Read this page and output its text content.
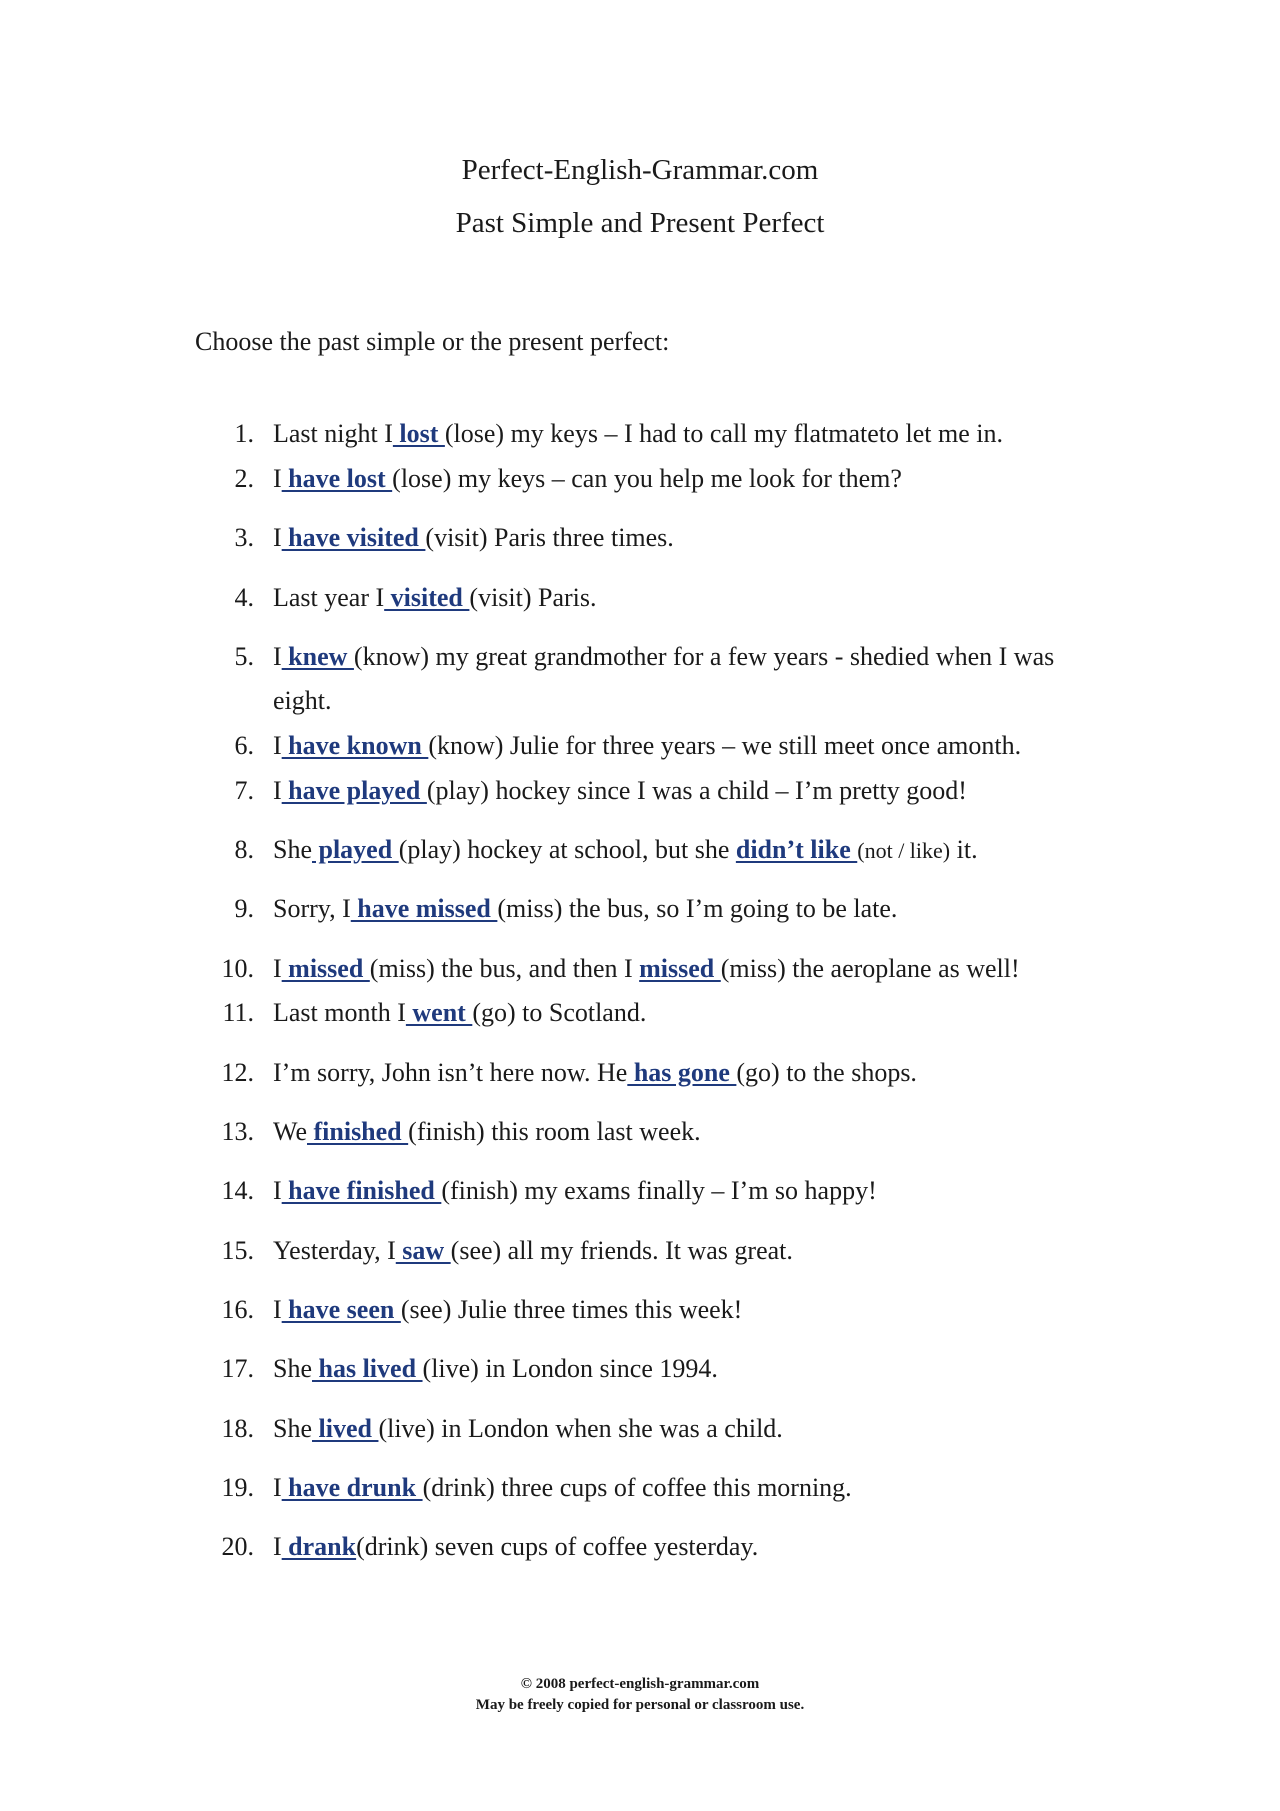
Perfect-English-Grammar.com
Past Simple and Present Perfect
Choose the past simple or the present perfect:
1. Last night I lost (lose) my keys – I had to call my flatmateto let me in.
2. I have lost (lose) my keys – can you help me look for them?
3. I have visited (visit) Paris three times.
4. Last year I visited (visit) Paris.
5. I knew (know) my great grandmother for a few years - shedied when I was
eight.
6. I have known (know) Julie for three years – we still meet once amonth.
7. I have played (play) hockey since I was a child – I’m pretty good!
8. She played (play) hockey at school, but she didn’t like (not / like) it.
9. Sorry, I have missed (miss) the bus, so I’m going to be late.
10. I missed (miss) the bus, and then I missed (miss) the aeroplane as well!
11. Last month I went (go) to Scotland.
12. I’m sorry, John isn’t here now. He has gone (go) to the shops.
13. We finished (finish) this room last week.
14. I have finished (finish) my exams finally – I’m so happy!
15. Yesterday, I saw (see) all my friends. It was great.
16. I have seen (see) Julie three times this week!
17. She has lived (live) in London since 1994.
18. She lived (live) in London when she was a child.
19. I have drunk (drink) three cups of coffee this morning.
20. I drank(drink) seven cups of coffee yesterday.
© 2008 perfect-english-grammar.com
May be freely copied for personal or classroom use.
